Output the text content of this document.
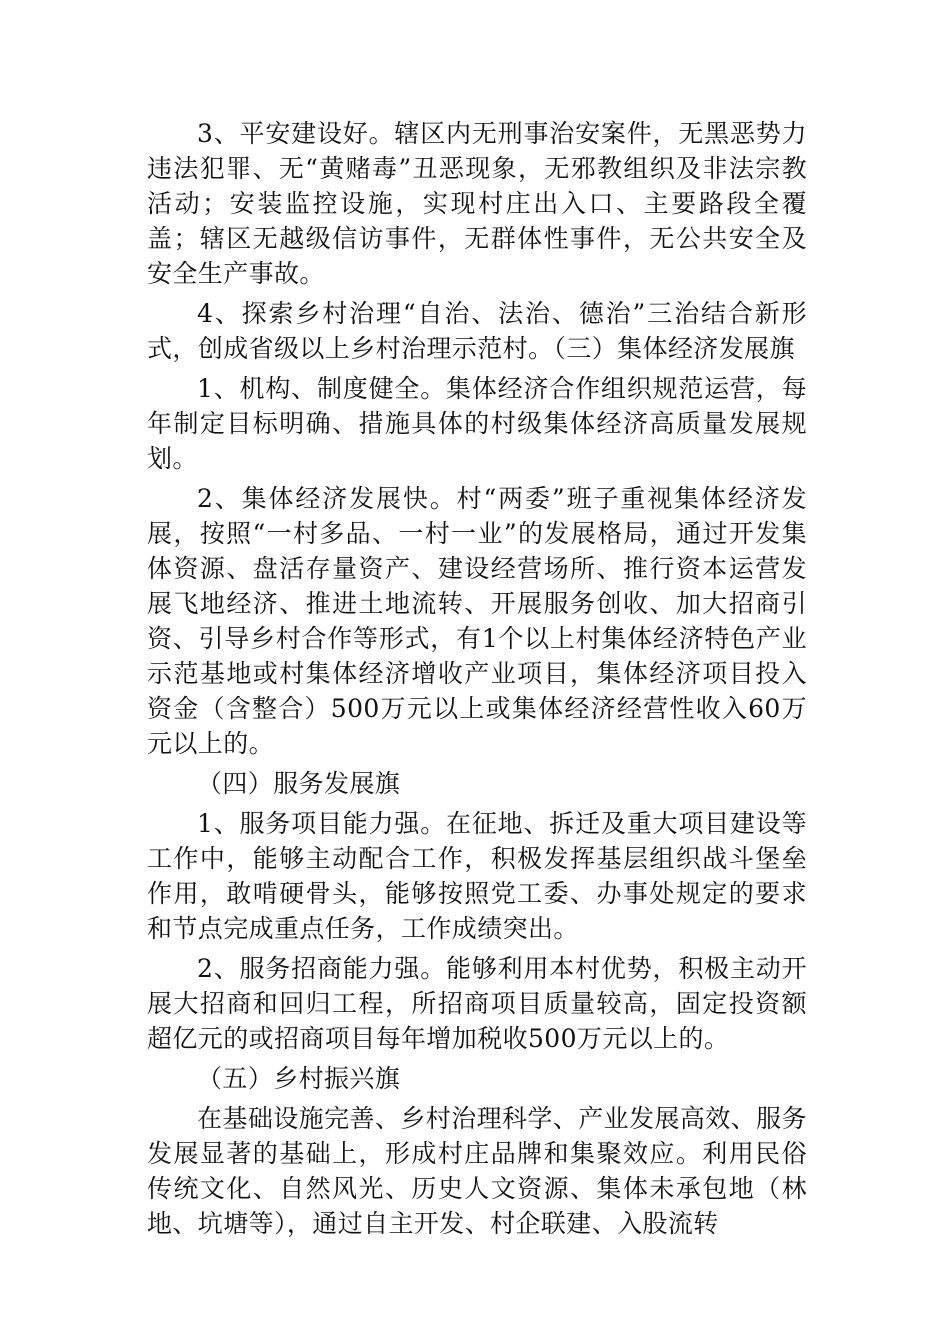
3、平安建设好。辖区内无刑事治安案件，无黑恶势力违法犯罪、无“黄赌毒”丑恶现象，无邪教组织及非法宗教活动；安装监控设施，实现村庄出入口、主要路段全覆盖；辖区无越级信访事件，无群体性事件，无公共安全及安全生产事故。

4、探索乡村治理“自治、法治、德治”三治结合新形式，创成省级以上乡村治理示范村。（三）集体经济发展旗

1、机构、制度健全。集体经济合作组织规范运营，每年制定目标明确、措施具体的村级集体经济高质量发展规划。

2、集体经济发展快。村“两委”班子重视集体经济发展，按照“一村多品、一村一业”的发展格局，通过开发集体资源、盘活存量资产、建设经营场所、推行资本运营发展飞地经济、推进土地流转、开展服务创收、加大招商引资、引导乡村合作等形式，有1个以上村集体经济特色产业示范基地或村集体经济增收产业项目，集体经济项目投入资金（含整合）500万元以上或集体经济经营性收入60万元以上的。

（四）服务发展旗

1、服务项目能力强。在征地、拆迁及重大项目建设等工作中，能够主动配合工作，积极发挥基层组织战斗堡垒作用，敢啃硬骨头，能够按照党工委、办事处规定的要求和节点完成重点任务，工作成绩突出。

2、服务招商能力强。能够利用本村优势，积极主动开展大招商和回归工程，所招商项目质量较高，固定投资额超亿元的或招商项目每年增加税收500万元以上的。

（五）乡村振兴旗

在基础设施完善、乡村治理科学、产业发展高效、服务发展显著的基础上，形成村庄品牌和集聚效应。利用民俗传统文化、自然风光、历史人文资源、集体未承包地（林地、坑塘等），通过自主开发、村企联建、入股流转
